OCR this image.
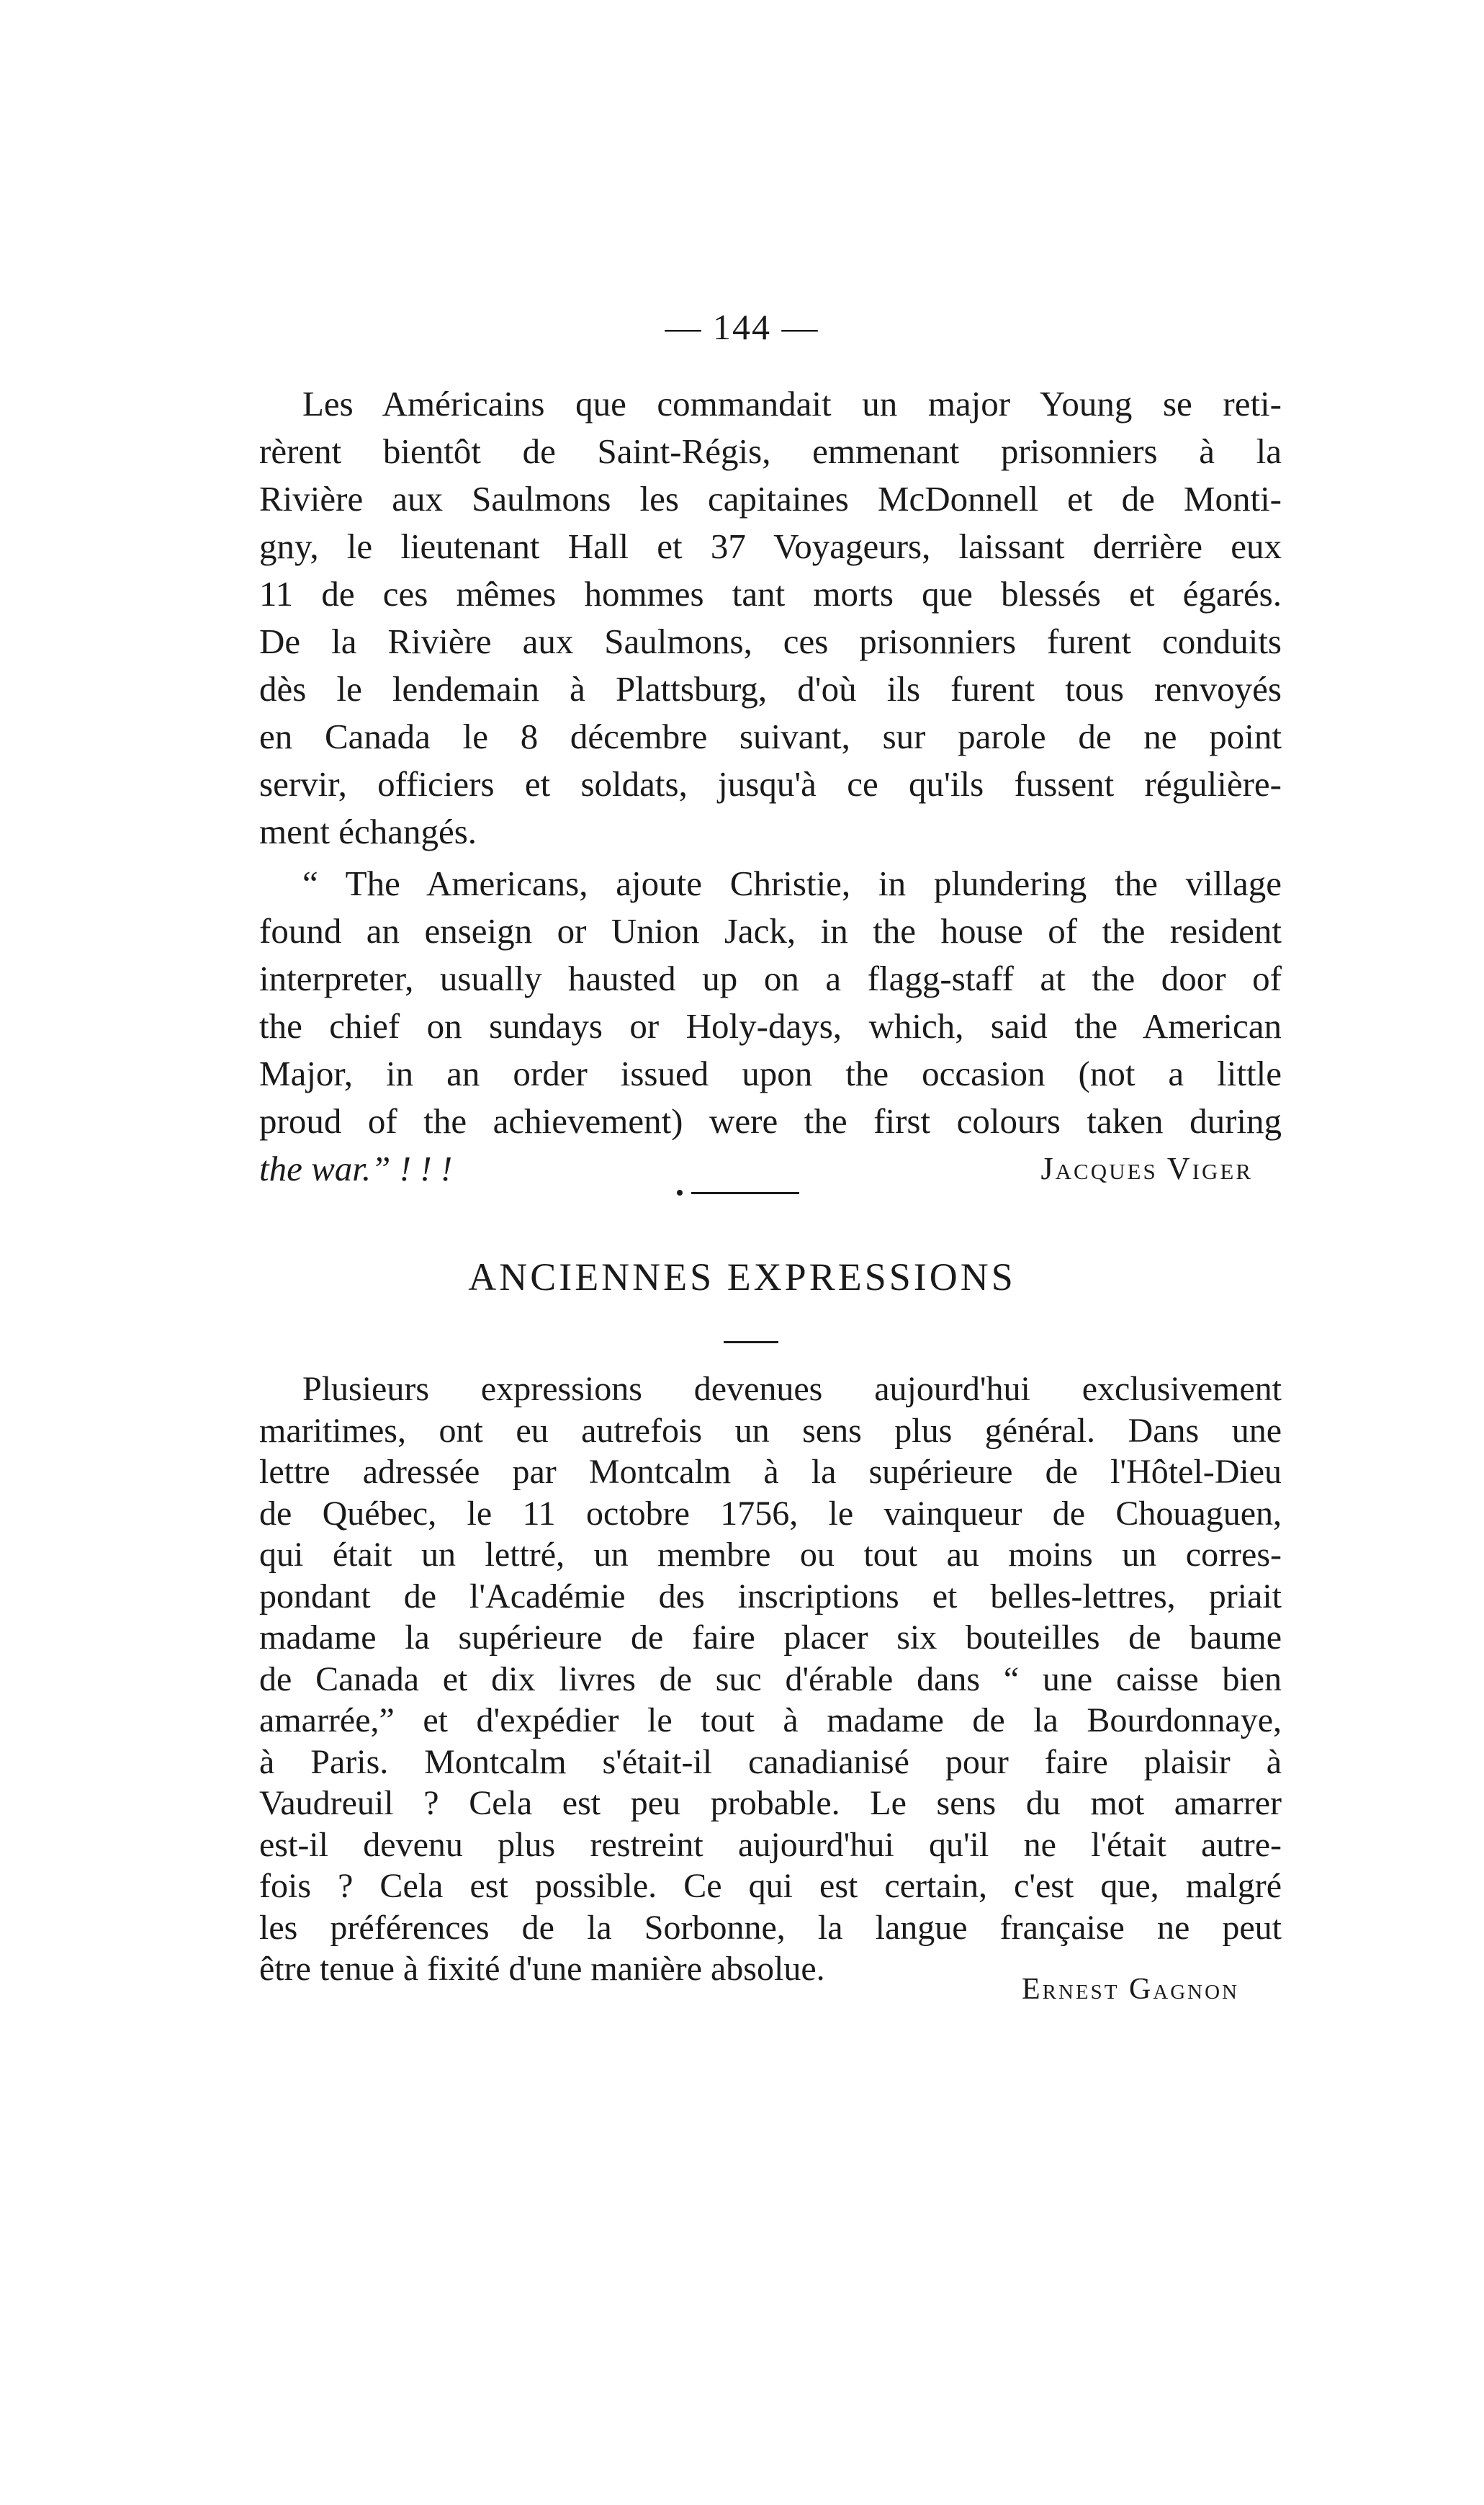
— 144 —
Les Américains que commandait un major Young se reti-
rèrent bientôt de Saint-Régis, emmenant prisonniers à la
Rivière aux Saulmons les capitaines McDonnell et de Monti-
gny, le lieutenant Hall et 37 Voyageurs, laissant derrière eux
11 de ces mêmes hommes tant morts que blessés et égarés.
De la Rivière aux Saulmons, ces prisonniers furent conduits
dès le lendemain à Plattsburg, d'où ils furent tous renvoyés
en Canada le 8 décembre suivant, sur parole de ne point
servir, officiers et soldats, jusqu'à ce qu'ils fussent régulière-
ment échangés.
“ The Americans, ajoute Christie, in plundering the village
found an enseign or Union Jack, in the house of the resident
interpreter, usually hausted up on a flagg-staff at the door of
the chief on sundays or Holy-days, which, said the American
Major, in an order issued upon the occasion (not a little
proud of the achievement) were the first colours taken during
the war.” ! ! !	Jacques Viger
ANCIENNES EXPRESSIONS
Plusieurs expressions devenues aujourd'hui exclusivement
maritimes, ont eu autrefois un sens plus général. Dans une
lettre adressée par Montcalm à la supérieure de l'Hôtel-Dieu
de Québec, le 11 octobre 1756, le vainqueur de Chouaguen,
qui était un lettré, un membre ou tout au moins un corres-
pondant de l'Académie des inscriptions et belles-lettres, priait
madame la supérieure de faire placer six bouteilles de baume
de Canada et dix livres de suc d'érable dans “ une caisse bien
amarrée,” et d'expédier le tout à madame de la Bourdonnaye,
à Paris. Montcalm s'était-il canadianisé pour faire plaisir à
Vaudreuil ? Cela est peu probable. Le sens du mot amarrer
est-il devenu plus restreint aujourd'hui qu'il ne l'était autre-
fois ? Cela est possible. Ce qui est certain, c'est que, malgré
les préférences de la Sorbonne, la langue française ne peut
être tenue à fixité d'une manière absolue.
Ernest Gagnon
